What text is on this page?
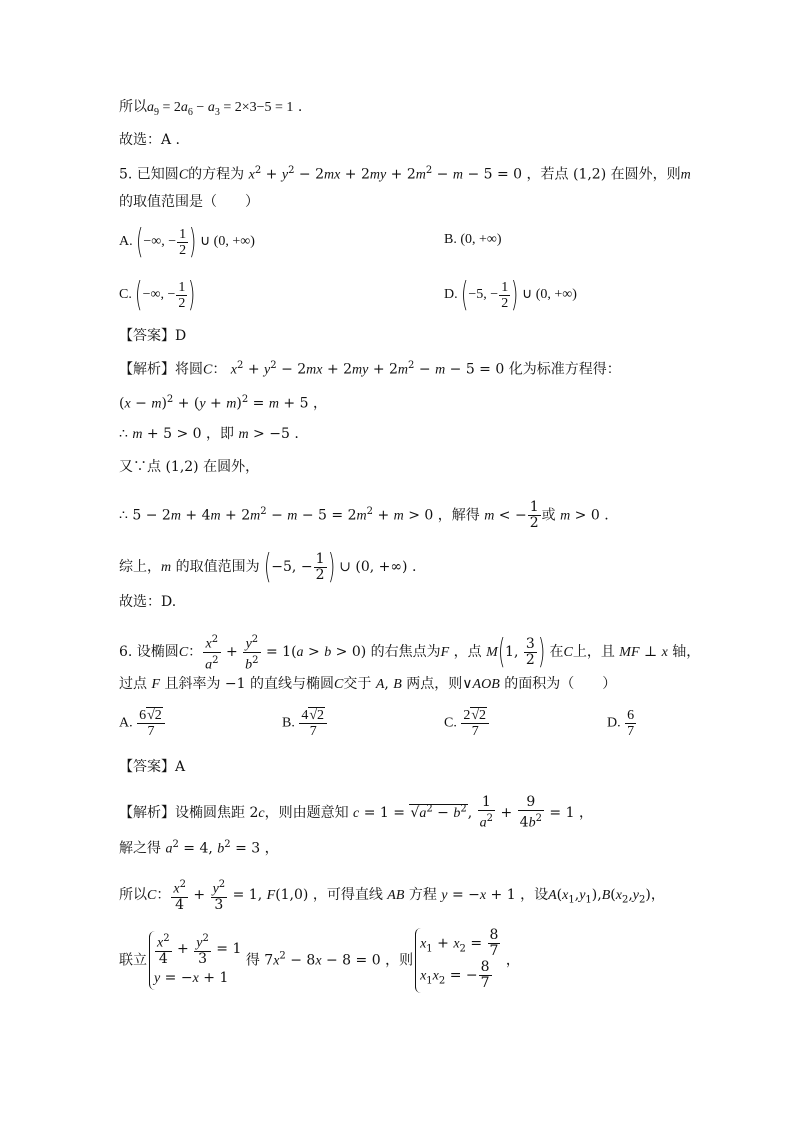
所以$a_9 = 2a_6 - a_3 = 2\times 3-5 = 1$ .
故选：A .
5. 已知圆C的方程为 $x^2 + y^2 - 2mx + 2my + 2m^2 - m - 5 = 0$ ，若点 (1,2) 在圆外，则m
的取值范围是（　　）
A. (−∞, − $\frac{1}{2}$ ) ∪ (0, +∞)	B. (0, +∞)
C. (−∞, − $\frac{1}{2}$ )	D. (−5, − $\frac{1}{2}$ ) ∪ (0, +∞)
【答案】D
【解析】将圆C： $x^2 + y^2 - 2mx + 2my + 2m^2 - m - 5 = 0$ 化为标准方程得：
$(x - m)^2 + (y + m)^2 = m + 5$ ，
∴ m + 5 > 0 ，即 m > −5 .
又∵点 (1,2) 在圆外，
∴ $5 - 2m + 4m + 2m^2 - m - 5 = 2m^2 + m > 0$ ，解得 m < − $\frac{1}{2}$ 或 m > 0 .
综上，m 的取值范围为 (−5, − $\frac{1}{2}$ ) ∪ (0, +∞) .
故选：D.
6. 设椭圆C： $\frac{x^2}{a^2} + \frac{y^2}{b^2} = 1(a > b > 0)$ 的右焦点为F ，点 M(1, $\frac{3}{2}$ ) 在C上，且 MF ⊥ x 轴，
过点 F 且斜率为 −1 的直线与椭圆C交于 A, B 两点，则∨AOB 的面积为（　　）
A. $\frac{6√2}{7}$	B. $\frac{4√2}{7}$	C. $\frac{2√2}{7}$	D. $\frac{6}{7}$
【答案】A
【解析】设椭圆焦距 2c，则由题意知 $c = 1 = √a^2 - b^2$, $\frac{1}{a^2} + \frac{9}{4b^2} = 1$ ，
解之得 $a^2 = 4$, $b^2 = 3$ ，
所以C： $\frac{x^2}{4} + \frac{y^2}{3} = 1$, F(1,0) ，可得直线 AB 方程 y = −x + 1 ，设$A(x_1,y_1),B(x_2,y_2)$，
联立 $\frac{x^2}{4} + \frac{y^2}{3} = 1$
y = −x + 1
得 $7x^2 - 8x - 8 = 0$ ，则
$x_1 + x_2 = \frac{8}{7}$
$x_1x_2$ = − $\frac{8}{7}$ ，
